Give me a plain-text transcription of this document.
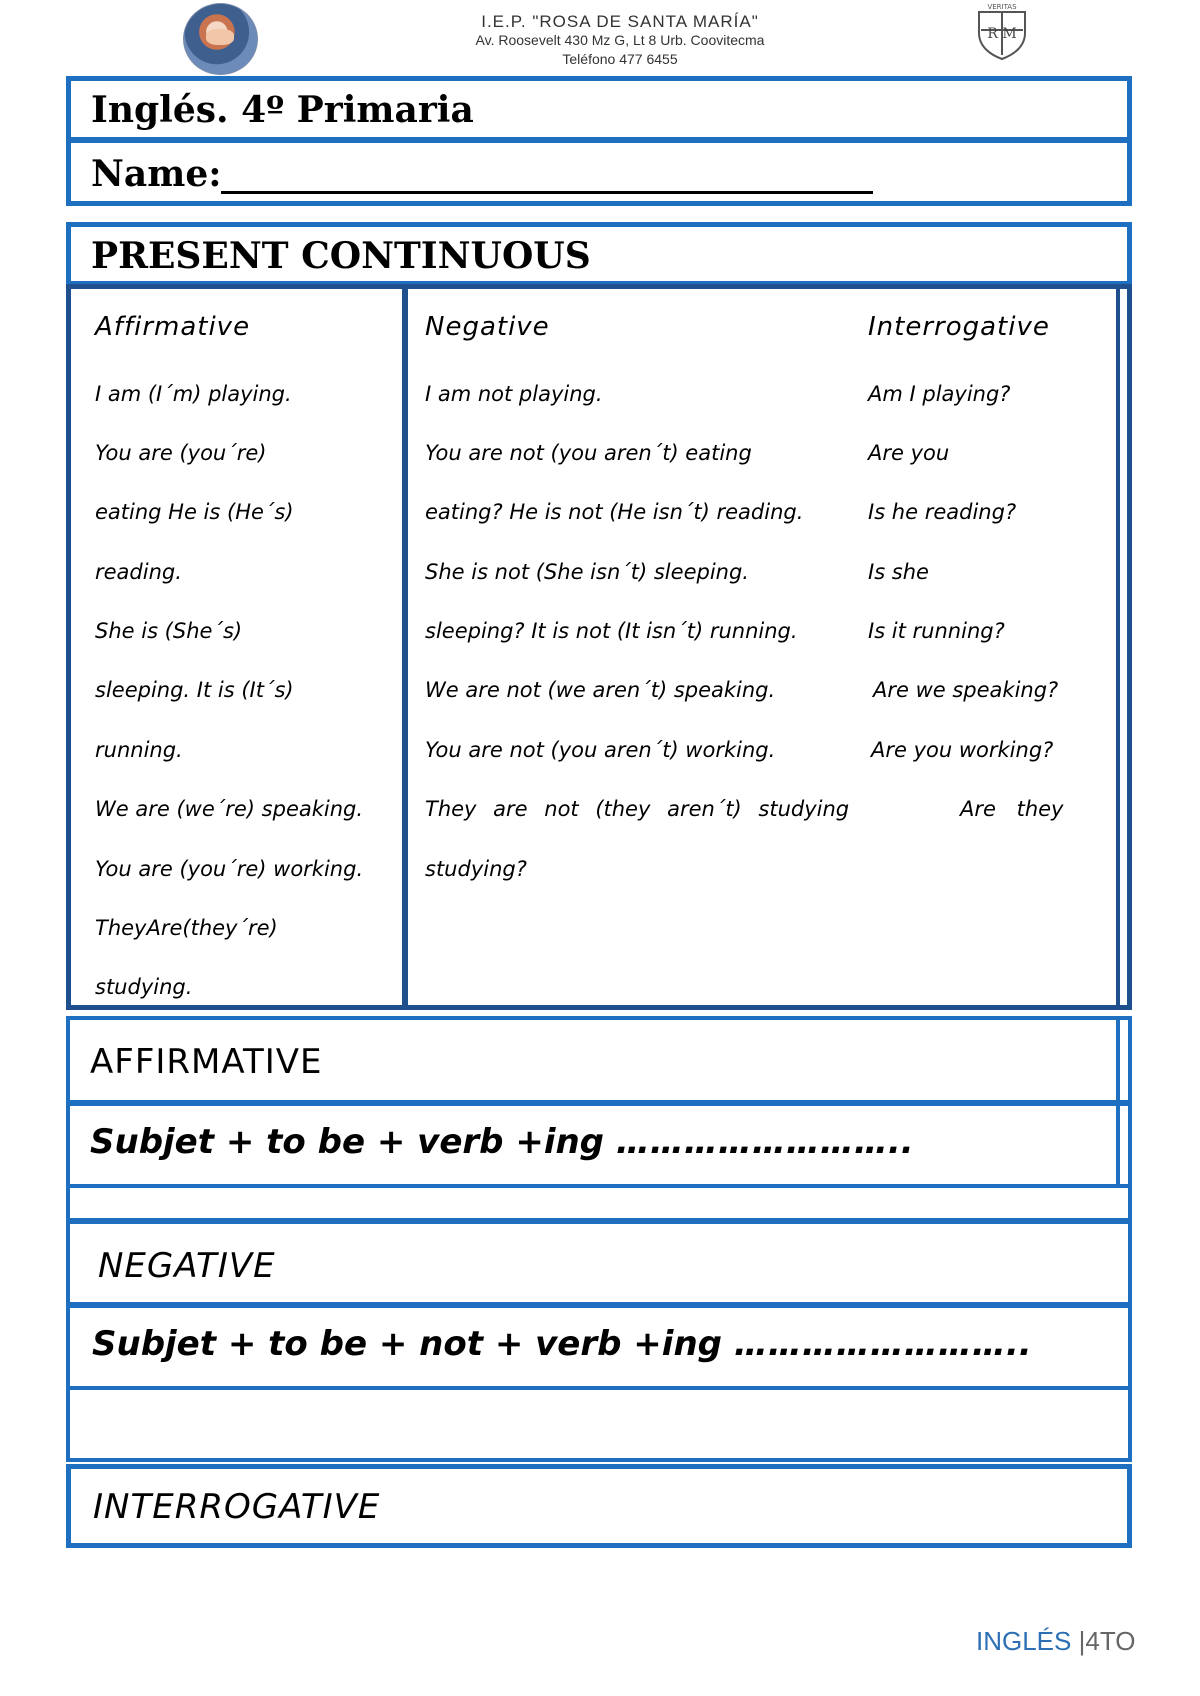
I.E.P. "ROSA DE SANTA MARÍA"
Av. Roosevelt 430 Mz G, Lt 8 Urb. Coovitecma
Teléfono 477 6455
VERITAS
R M
Inglés. 4º Primaria
Name:
PRESENT CONTINUOUS
Affirmative	Negative	Interrogative
I am (I´m) playing.
You are (you´re)
eating He is (He´s)
reading.
She is (She´s)
sleeping. It is (It´s)
running.
We are (we´re) speaking.
You are (you´re) working.
TheyAre(they´re)
studying.
I am not playing.
You are not (you aren´t) eating
eating? He is not (He isn´t) reading.
She is not (She isn´t) sleeping.
sleeping? It is not (It isn´t) running.
We are not (we aren´t) speaking.
You are not (you aren´t) working.
They are not (they aren´t) studying
studying?
Am I playing?
Are you
Is he reading?
Is she
Is it running?
Are we speaking?
Are you working?
Are they
AFFIRMATIVE
Subjet + to be + verb +ing ……………………..
NEGATIVE
Subjet + to be + not + verb +ing ……………………..
INTERROGATIVE
INGLÉS |4TO
